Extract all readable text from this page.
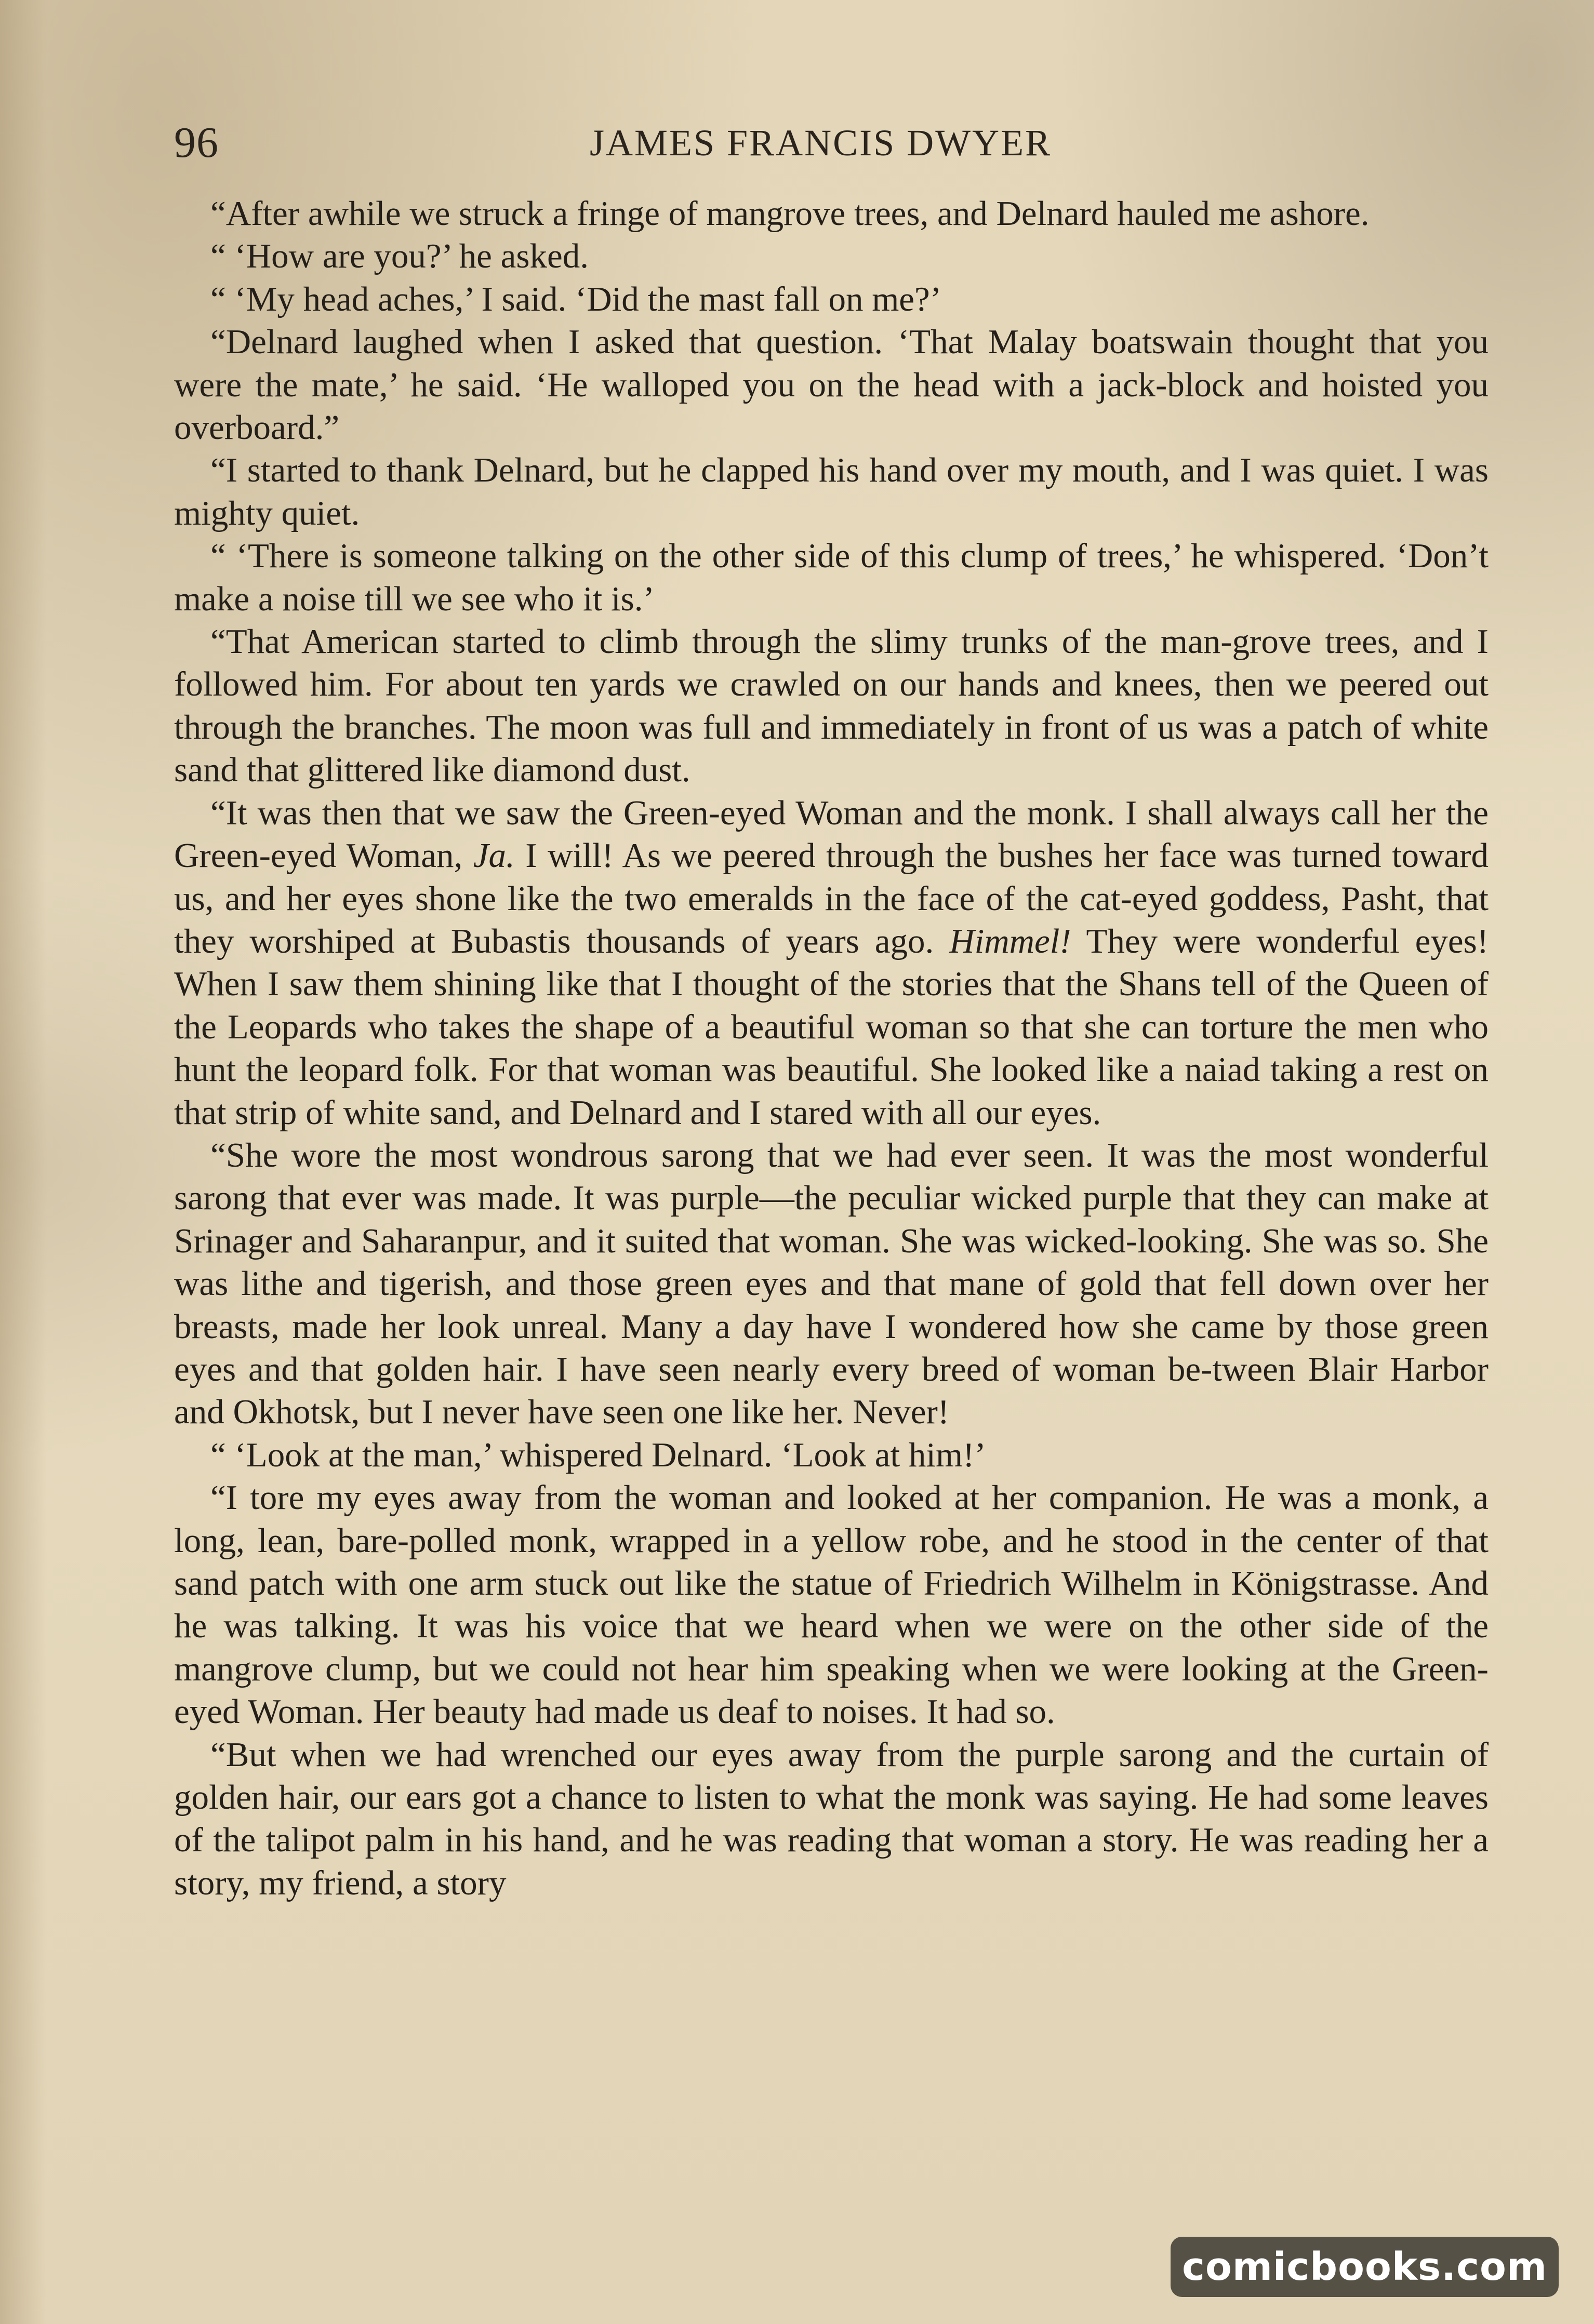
96	JAMES FRANCIS DWYER

“After awhile we struck a fringe of mangrove trees, and Delnard hauled me ashore.

“ ‘How are you?’ he asked.

“ ‘My head aches,’ I said. ‘Did the mast fall on me?’

“Delnard laughed when I asked that question. ‘That Malay boatswain thought that you were the mate,’ he said. ‘He walloped you on the head with a jack-block and hoisted you overboard.”

“I started to thank Delnard, but he clapped his hand over my mouth, and I was quiet. I was mighty quiet.

“ ‘There is someone talking on the other side of this clump of trees,’ he whispered. ‘Don’t make a noise till we see who it is.’

“That American started to climb through the slimy trunks of the man-grove trees, and I followed him. For about ten yards we crawled on our hands and knees, then we peered out through the branches. The moon was full and immediately in front of us was a patch of white sand that glittered like diamond dust.

“It was then that we saw the Green-eyed Woman and the monk. I shall always call her the Green-eyed Woman, Ja. I will! As we peered through the bushes her face was turned toward us, and her eyes shone like the two emeralds in the face of the cat-eyed goddess, Pasht, that they worshiped at Bubastis thousands of years ago. Himmel! They were wonderful eyes! When I saw them shining like that I thought of the stories that the Shans tell of the Queen of the Leopards who takes the shape of a beautiful woman so that she can torture the men who hunt the leopard folk. For that woman was beautiful. She looked like a naiad taking a rest on that strip of white sand, and Delnard and I stared with all our eyes.

“She wore the most wondrous sarong that we had ever seen. It was the most wonderful sarong that ever was made. It was purple—the peculiar wicked purple that they can make at Srinager and Saharanpur, and it suited that woman. She was wicked-looking. She was so. She was lithe and tigerish, and those green eyes and that mane of gold that fell down over her breasts, made her look unreal. Many a day have I wondered how she came by those green eyes and that golden hair. I have seen nearly every breed of woman be-tween Blair Harbor and Okhotsk, but I never have seen one like her. Never!

“ ‘Look at the man,’ whispered Delnard. ‘Look at him!’

“I tore my eyes away from the woman and looked at her companion. He was a monk, a long, lean, bare-polled monk, wrapped in a yellow robe, and he stood in the center of that sand patch with one arm stuck out like the statue of Friedrich Wilhelm in Königstrasse. And he was talking. It was his voice that we heard when we were on the other side of the mangrove clump, but we could not hear him speaking when we were looking at the Green-eyed Woman. Her beauty had made us deaf to noises. It had so.

“But when we had wrenched our eyes away from the purple sarong and the curtain of golden hair, our ears got a chance to listen to what the monk was saying. He had some leaves of the talipot palm in his hand, and he was reading that woman a story. He was reading her a story, my friend, a story

comicbooks.com
